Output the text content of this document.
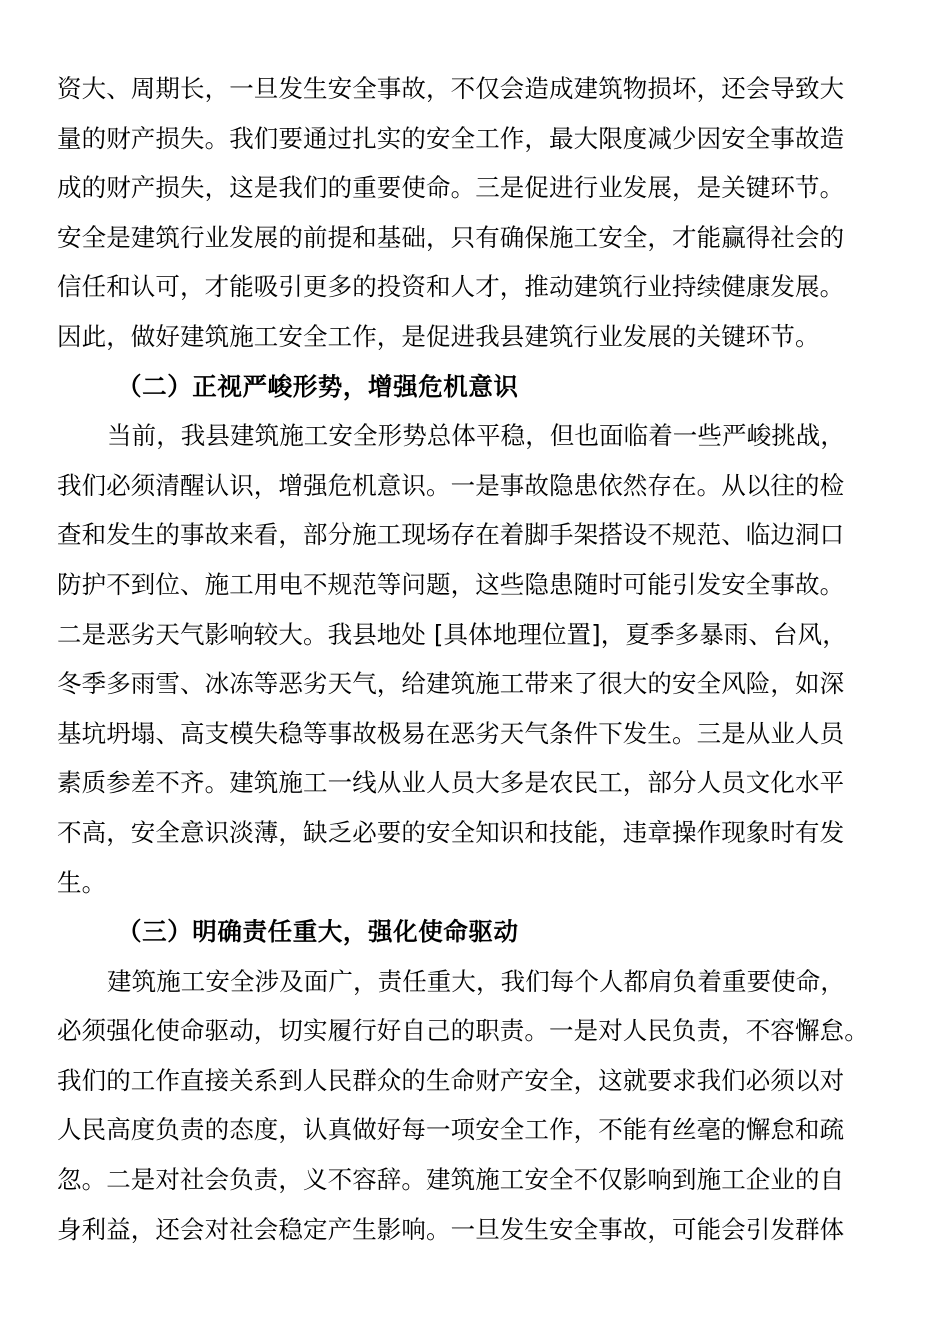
资大、周期长，一旦发生安全事故，不仅会造成建筑物损坏，还会导致大
量的财产损失。我们要通过扎实的安全工作，最大限度减少因安全事故造
成的财产损失，这是我们的重要使命。三是促进行业发展，是关键环节。
安全是建筑行业发展的前提和基础，只有确保施工安全，才能赢得社会的
信任和认可，才能吸引更多的投资和人才，推动建筑行业持续健康发展。
因此，做好建筑施工安全工作，是促进我县建筑行业发展的关键环节。
（二）正视严峻形势，增强危机意识
当前，我县建筑施工安全形势总体平稳，但也面临着一些严峻挑战，
我们必须清醒认识，增强危机意识。一是事故隐患依然存在。从以往的检
查和发生的事故来看，部分施工现场存在着脚手架搭设不规范、临边洞口
防护不到位、施工用电不规范等问题，这些隐患随时可能引发安全事故。
二是恶劣天气影响较大。我县地处 [具体地理位置]，夏季多暴雨、台风，
冬季多雨雪、冰冻等恶劣天气，给建筑施工带来了很大的安全风险，如深
基坑坍塌、高支模失稳等事故极易在恶劣天气条件下发生。三是从业人员
素质参差不齐。建筑施工一线从业人员大多是农民工，部分人员文化水平
不高，安全意识淡薄，缺乏必要的安全知识和技能，违章操作现象时有发
生。
（三）明确责任重大，强化使命驱动
建筑施工安全涉及面广，责任重大，我们每个人都肩负着重要使命，
必须强化使命驱动，切实履行好自己的职责。一是对人民负责，不容懈怠。
我们的工作直接关系到人民群众的生命财产安全，这就要求我们必须以对
人民高度负责的态度，认真做好每一项安全工作，不能有丝毫的懈怠和疏
忽。二是对社会负责，义不容辞。建筑施工安全不仅影响到施工企业的自
身利益，还会对社会稳定产生影响。一旦发生安全事故，可能会引发群体
